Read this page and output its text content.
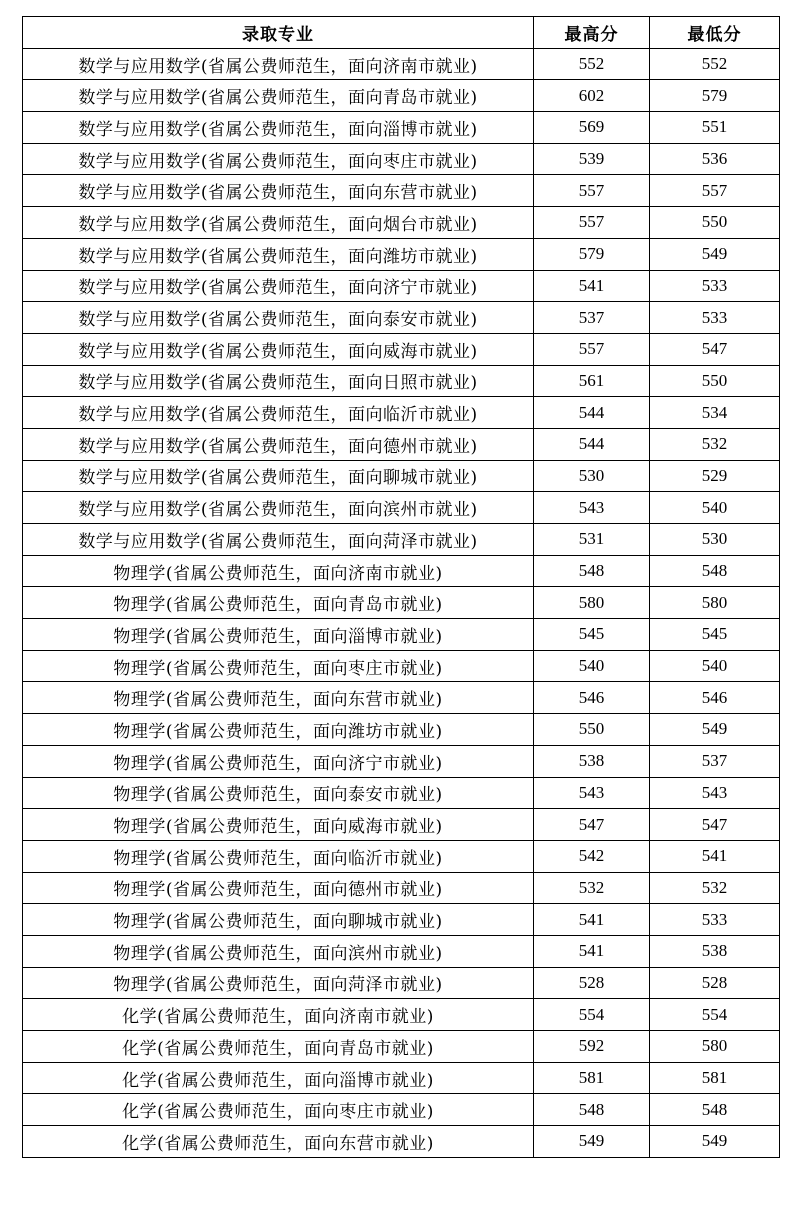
录取专业	最高分	最低分
数学与应用数学(省属公费师范生，面向济南市就业)	552	552
数学与应用数学(省属公费师范生，面向青岛市就业)	602	579
数学与应用数学(省属公费师范生，面向淄博市就业)	569	551
数学与应用数学(省属公费师范生，面向枣庄市就业)	539	536
数学与应用数学(省属公费师范生，面向东营市就业)	557	557
数学与应用数学(省属公费师范生，面向烟台市就业)	557	550
数学与应用数学(省属公费师范生，面向潍坊市就业)	579	549
数学与应用数学(省属公费师范生，面向济宁市就业)	541	533
数学与应用数学(省属公费师范生，面向泰安市就业)	537	533
数学与应用数学(省属公费师范生，面向威海市就业)	557	547
数学与应用数学(省属公费师范生，面向日照市就业)	561	550
数学与应用数学(省属公费师范生，面向临沂市就业)	544	534
数学与应用数学(省属公费师范生，面向德州市就业)	544	532
数学与应用数学(省属公费师范生，面向聊城市就业)	530	529
数学与应用数学(省属公费师范生，面向滨州市就业)	543	540
数学与应用数学(省属公费师范生，面向菏泽市就业)	531	530
物理学(省属公费师范生，面向济南市就业)	548	548
物理学(省属公费师范生，面向青岛市就业)	580	580
物理学(省属公费师范生，面向淄博市就业)	545	545
物理学(省属公费师范生，面向枣庄市就业)	540	540
物理学(省属公费师范生，面向东营市就业)	546	546
物理学(省属公费师范生，面向潍坊市就业)	550	549
物理学(省属公费师范生，面向济宁市就业)	538	537
物理学(省属公费师范生，面向泰安市就业)	543	543
物理学(省属公费师范生，面向威海市就业)	547	547
物理学(省属公费师范生，面向临沂市就业)	542	541
物理学(省属公费师范生，面向德州市就业)	532	532
物理学(省属公费师范生，面向聊城市就业)	541	533
物理学(省属公费师范生，面向滨州市就业)	541	538
物理学(省属公费师范生，面向菏泽市就业)	528	528
化学(省属公费师范生，面向济南市就业)	554	554
化学(省属公费师范生，面向青岛市就业)	592	580
化学(省属公费师范生，面向淄博市就业)	581	581
化学(省属公费师范生，面向枣庄市就业)	548	548
化学(省属公费师范生，面向东营市就业)	549	549
